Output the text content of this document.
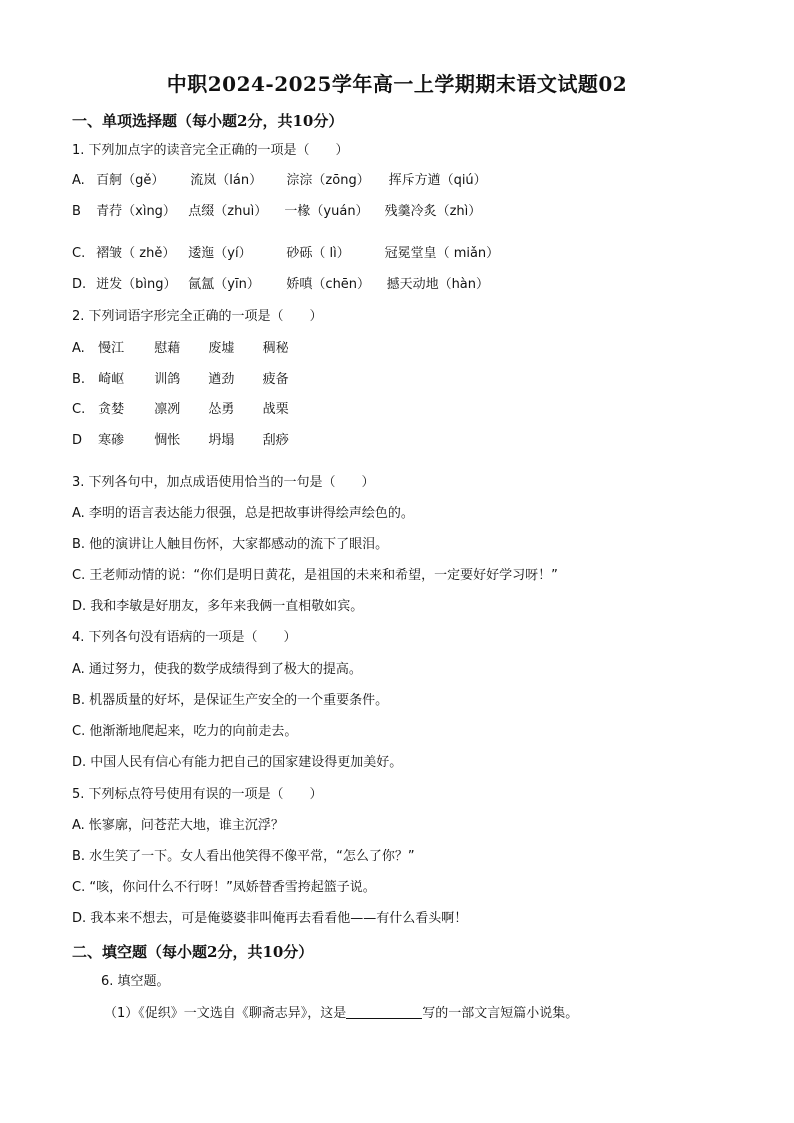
中职2024-2025学年高一上学期期末语文试题02
一、单项选择题（每小题2分，共10分）
1. 下列加点字的读音完全正确的一项是（　　）
A. 百舸（gě） 流岚（lán） 淙淙（zōng） 挥斥方遒（qiú）
B 青荇（xìng） 点缀（zhuì） 一椽（yuán） 残羹冷炙（zhì）
C. 褶皱（ zhě） 逶迤（yí）	砂砾（ lì）	冠冕堂皇（ miǎn）
D. 迸发（bìng） 氤氲（yīn） 娇嗔（chēn） 撼天动地（hàn）
2. 下列词语字形完全正确的一项是（　　）
A. 慢江 慰藉 废墟 稠秘
B. 崎岖 训鸽 遒劲 疲备
C. 贪婪 凛冽 怂勇 战栗
D 寒碜 惆怅 坍塌 刮痧
3. 下列各句中，加点成语使用恰当的一句是（　　）
A. 李明的语言表达能力很强，总是把故事讲得绘声绘色的。
B. 他的演讲让人触目伤怀，大家都感动的流下了眼泪。
C. 王老师动情的说：“你们是明日黄花，是祖国的未来和希望，一定要好好学习呀！”
D. 我和李敏是好朋友，多年来我俩一直相敬如宾。
4. 下列各句没有语病的一项是（　　）
A. 通过努力，使我的数学成绩得到了极大的提高。
B. 机器质量的好坏，是保证生产安全的一个重要条件。
C. 他渐渐地爬起来，吃力的向前走去。
D. 中国人民有信心有能力把自己的国家建设得更加美好。
5. 下列标点符号使用有误的一项是（　　）
A. 怅寥廓，问苍茫大地，谁主沉浮？
B. 水生笑了一下。女人看出他笑得不像平常，“怎么了你？”
C. “咳，你问什么不行呀！”凤娇替香雪挎起篮子说。
D. 我本来不想去，可是俺婆婆非叫俺再去看看他——有什么看头啊！
二、填空题（每小题2分，共10分）
6. 填空题。
（1）《促织》一文选自《聊斋志异》，这是	写的一部文言短篇小说集。
